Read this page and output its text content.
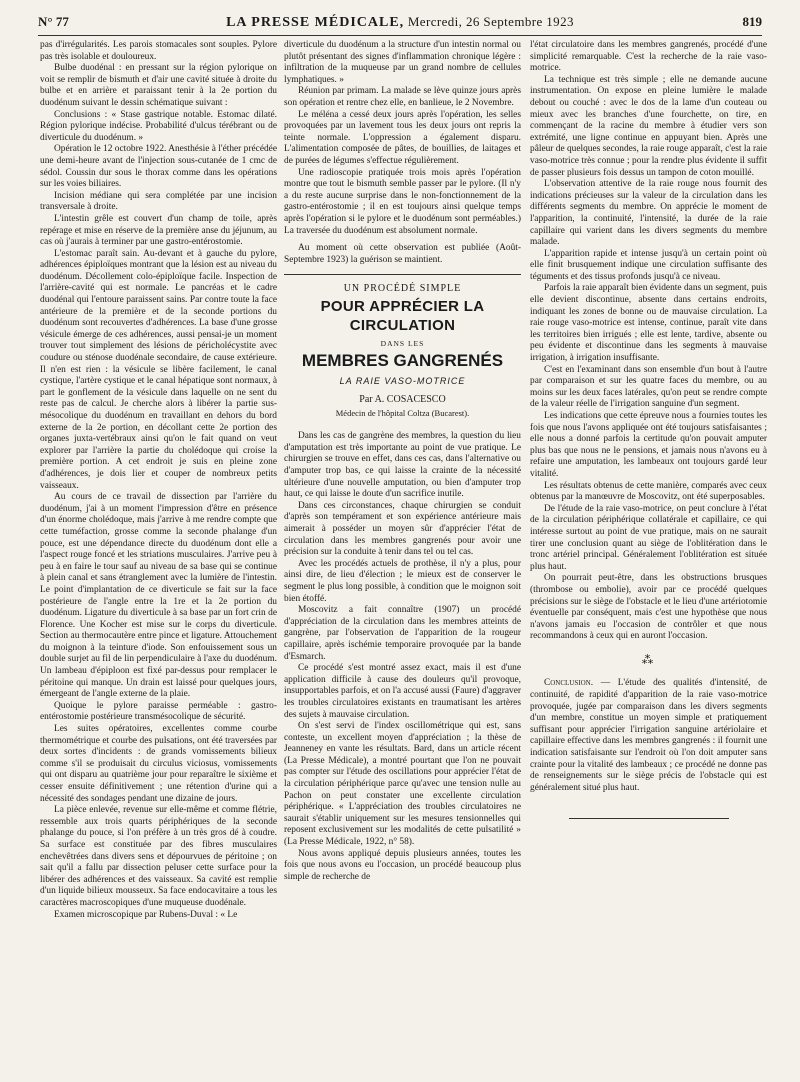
N° 77	LA PRESSE MÉDICALE, Mercredi, 26 Septembre 1923	819

pas d'irrégularités. Les parois stomacales sont souples. Pylore pas très isolable et douloureux.

Bulbe duodénal : en pressant sur la région pylorique on voit se remplir de bismuth et d'air une cavité située à droite du bulbe et en arrière et paraissant tenir à la 2e portion du duodénum suivant le dessin schématique suivant :

Conclusions : « Stase gastrique notable. Estomac dilaté. Région pylorique indécise. Probabilité d'ulcus térébrant ou de diverticule du duodénum. »

Opération le 12 octobre 1922. Anesthésie à l'éther précédée une demi-heure avant de l'injection sous-cutanée de 1 cmc de sédol. Coussin dur sous le thorax comme dans les opérations sur les voies biliaires.

Incision médiane qui sera complétée par une incision transversale à droite.

L'intestin grêle est couvert d'un champ de toile, après repérage et mise en réserve de la première anse du jéjunum, au cas où j'aurais à terminer par une gastro-entérostomie.

L'estomac paraît sain. Au-devant et à gauche du pylore, adhérences épiploïques montrant que la lésion est au niveau du duodénum. Décollement colo-épiploïque facile. Inspection de l'arrière-cavité qui est normale. Le pancréas et le cadre duodénal qui l'entoure paraissent sains. Par contre toute la face antérieure de la première et de la seconde portions du duodénum sont recouvertes d'adhérences. La base d'une grosse vésicule émerge de ces adhérences, aussi pensai-je un moment trouver tout simplement des lésions de péricholécystite avec coudure ou sténose duodénale secondaire, de cause extérieure. Il n'en est rien : la vésicule se libère facilement, le canal cystique, l'artère cystique et le canal hépatique sont normaux, à part le gonflement de la vésicule dans laquelle on ne sent du reste pas de calcul. Je cherche alors à libérer la partie sus-mésocolique du duodénum en travaillant en dehors du bord externe de la 2e portion, en décollant cette 2e portion des organes juxta-vertébraux ainsi qu'on le fait quand on veut explorer par l'arrière la partie du cholédoque qui croise la première portion. A cet endroit je suis en pleine zone d'adhérences, je dois lier et couper de nombreux petits vaisseaux.

Au cours de ce travail de dissection par l'arrière du duodénum, j'ai à un moment l'impression d'être en présence d'un énorme cholédoque, mais j'arrive à me rendre compte que cette tuméfaction, grosse comme la seconde phalange d'un pouce, est une dépendance directe du duodénum dont elle a l'aspect rouge foncé et les striations musculaires. J'arrive peu à peu à en faire le tour sauf au niveau de sa base qui se continue à plein canal et sans étranglement avec la lumière de l'intestin. Le point d'implantation de ce diverticule se fait sur la face postérieure de l'angle entre la 1re et la 2e portion du duodénum. Ligature du diverticule à sa base par un fort crin de Florence. Une Kocher est mise sur le corps du diverticule. Section au thermocautère entre pince et ligature. Attouchement du moignon à la teinture d'iode. Son enfouissement sous un double surjet au fil de lin perpendiculaire à l'axe du duodénum. Un lambeau d'épiploon est fixé par-dessus pour remplacer le péritoine qui manque. Un drain est laissé pour quelques jours, émergeant de l'angle externe de la plaie.

Quoique le pylore paraisse perméable : gastro-entérostomie postérieure transmésocolique de sécurité.

Les suites opératoires, excellentes comme courbe thermométrique et courbe des pulsations, ont été traversées par deux sortes d'incidents : de grands vomissements bilieux comme s'il se produisait du circulus viciosus, vomissements qui ont disparu au quatrième jour pour reparaître le sixième et cesser ensuite définitivement ; une rétention d'urine qui a nécessité des sondages pendant une dizaine de jours.

La pièce enlevée, revenue sur elle-même et comme flétrie, ressemble aux trois quarts périphériques de la seconde phalange du pouce, si l'on préfère à un très gros dé à coudre. Sa surface est constituée par des fibres musculaires enchevêtrées dans divers sens et dépourvues de péritoine ; on sait qu'il a fallu par dissection peluser cette surface pour la libérer des adhérences et des vaisseaux. Sa cavité est remplie d'un liquide bilieux mousseux. Sa face endocavitaire a tous les caractères macroscopiques d'une muqueuse duodénale.

Examen microscopique par Rubens-Duval : « Le

diverticule du duodénum a la structure d'un intestin normal ou plutôt présentant des signes d'inflammation chronique légère : infiltration de la muqueuse par un grand nombre de cellules lymphatiques. »

Réunion par primam. La malade se lève quinze jours après son opération et rentre chez elle, en banlieue, le 2 Novembre.

Le méléna a cessé deux jours après l'opération, les selles provoquées par un lavement tous les deux jours ont repris la teinte normale. L'oppression a également disparu. L'alimentation composée de pâtes, de bouillies, de laitages et de purées de légumes s'effectue régulièrement.

Une radioscopie pratiquée trois mois après l'opération montre que tout le bismuth semble passer par le pylore. (Il n'y a du reste aucune surprise dans le non-fonctionnement de la gastro-entérostomie ; il en est toujours ainsi quelque temps après l'opération si le pylore et le duodénum sont perméables.) La traversée du duodénum est absolument normale.

Au moment où cette observation est publiée (Août-Septembre 1923) la guérison se maintient.

UN PROCÉDÉ SIMPLE
POUR APPRÉCIER LA CIRCULATION
DANS LES
MEMBRES GANGRENÉS
LA RAIE VASO-MOTRICE
Par A. COSACESCO
Médecin de l'hôpital Coltza (Bucarest).

Dans les cas de gangrène des membres, la question du lieu d'amputation est très importante au point de vue pratique. Le chirurgien se trouve en effet, dans ces cas, dans l'alternative ou d'amputer trop bas, ce qui laisse la crainte de la nécessité ultérieure d'une nouvelle amputation, ou bien d'amputer trop haut, ce qui laisse le doute d'un sacrifice inutile.

Dans ces circonstances, chaque chirurgien se conduit d'après son tempérament et son expérience antérieure mais aimerait à posséder un moyen sûr d'apprécier l'état de circulation dans les membres gangrenés pour avoir une précision sur la conduite à tenir dans tel ou tel cas.

Avec les procédés actuels de prothèse, il n'y a plus, pour ainsi dire, de lieu d'élection ; le mieux est de conserver le segment le plus long possible, à condition que le moignon soit bien étoffé.

Moscovitz a fait connaître (1907) un procédé d'appréciation de la circulation dans les membres atteints de gangrène, par l'observation de l'apparition de la rougeur capillaire, après ischémie temporaire provoquée par la bande d'Esmarch.

Ce procédé s'est montré assez exact, mais il est d'une application difficile à cause des douleurs qu'il provoque, insupportables parfois, et on l'a accusé aussi (Faure) d'aggraver les troubles circulatoires existants en traumatisant les artères des sujets à mauvaise circulation.

On s'est servi de l'index oscillométrique qui est, sans conteste, un excellent moyen d'appréciation ; la thèse de Jeanneney en vante les résultats. Bard, dans un article récent (La Presse Médicale), a montré pourtant que l'on ne pouvait pas compter sur l'étude des oscillations pour apprécier l'état de la circulation périphérique parce qu'avec une tension nulle au Pachon on peut constater une excellente circulation périphérique. « L'appréciation des troubles circulatoires ne saurait s'établir uniquement sur les mesures tensionnelles qui reposent exclusivement sur les modalités de cette pulsatilité » (La Presse Médicale, 1922, n° 58).

Nous avons appliqué depuis plusieurs années, toutes les fois que nous avons eu l'occasion, un procédé beaucoup plus simple de recherche de

l'état circulatoire dans les membres gangrenés, procédé d'une simplicité remarquable. C'est la recherche de la raie vaso-motrice.

La technique est très simple ; elle ne demande aucune instrumentation. On expose en pleine lumière le malade debout ou couché : avec le dos de la lame d'un couteau ou mieux avec les branches d'une fourchette, on tire, en commençant de la racine du membre à étudier vers son extrémité, une ligne continue en appuyant bien. Après une pâleur de quelques secondes, la raie rouge apparaît, c'est la raie vaso-motrice très connue ; pour la rendre plus évidente il suffit de passer plusieurs fois dessus un tampon de coton mouillé.

L'observation attentive de la raie rouge nous fournit des indications précieuses sur la valeur de la circulation dans les différents segments du membre. On apprécie le moment de l'apparition, la continuité, l'intensité, la durée de la raie capillaire qui varient dans les divers segments du membre malade.

L'apparition rapide et intense jusqu'à un certain point où elle finit brusquement indique une circulation suffisante des téguments et des tissus profonds jusqu'à ce niveau.

Parfois la raie apparaît bien évidente dans un segment, puis elle devient discontinue, absente dans certains endroits, indiquant les zones de bonne ou de mauvaise circulation. La raie rouge vaso-motrice est intense, continue, paraît vite dans les territoires bien irrigués ; elle est lente, tardive, absente ou peu évidente et discontinue dans les segments à mauvaise irrigation, à irrigation insuffisante.

C'est en l'examinant dans son ensemble d'un bout à l'autre par comparaison et sur les quatre faces du membre, ou au moins sur les deux faces latérales, qu'on peut se rendre compte de la valeur réelle de l'irrigation sanguine d'un segment.

Les indications que cette épreuve nous a fournies toutes les fois que nous l'avons appliquée ont été toujours satisfaisantes ; elle nous a donné parfois la certitude qu'on pouvait amputer plus bas que nous ne le pensions, et jamais nous n'avons eu à refaire une amputation, les lambeaux ont toujours gardé leur vitalité.

Les résultats obtenus de cette manière, comparés avec ceux obtenus par la manœuvre de Moscovitz, ont été superposables.

De l'étude de la raie vaso-motrice, on peut conclure à l'état de la circulation périphérique collatérale et capillaire, ce qui intéresse surtout au point de vue pratique, mais on ne saurait tirer une conclusion quant au siège de l'oblitération dans le tronc artériel principal. Généralement l'oblitération est située plus haut.

On pourrait peut-être, dans les obstructions brusques (thrombose ou embolie), avoir par ce procédé quelques précisions sur le siège de l'obstacle et le lieu d'une artériotomie éventuelle par conséquent, mais c'est une hypothèse que nous n'avons jamais eu l'occasion de contrôler et que nous recommandons à ceux qui en auront l'occasion.

⁂

Conclusion. — L'étude des qualités d'intensité, de continuité, de rapidité d'apparition de la raie vaso-motrice provoquée, jugée par comparaison dans les divers segments d'un membre, constitue un moyen simple et pratiquement suffisant pour apprécier l'irrigation sanguine artériolaire et capillaire effective dans les membres gangrenés : il fournit une indication satisfaisante sur l'endroit où l'on doit amputer sans crainte pour la vitalité des lambeaux ; ce procédé ne donne pas de renseignements sur le siège précis de l'obstacle qui est généralement situé plus haut.
